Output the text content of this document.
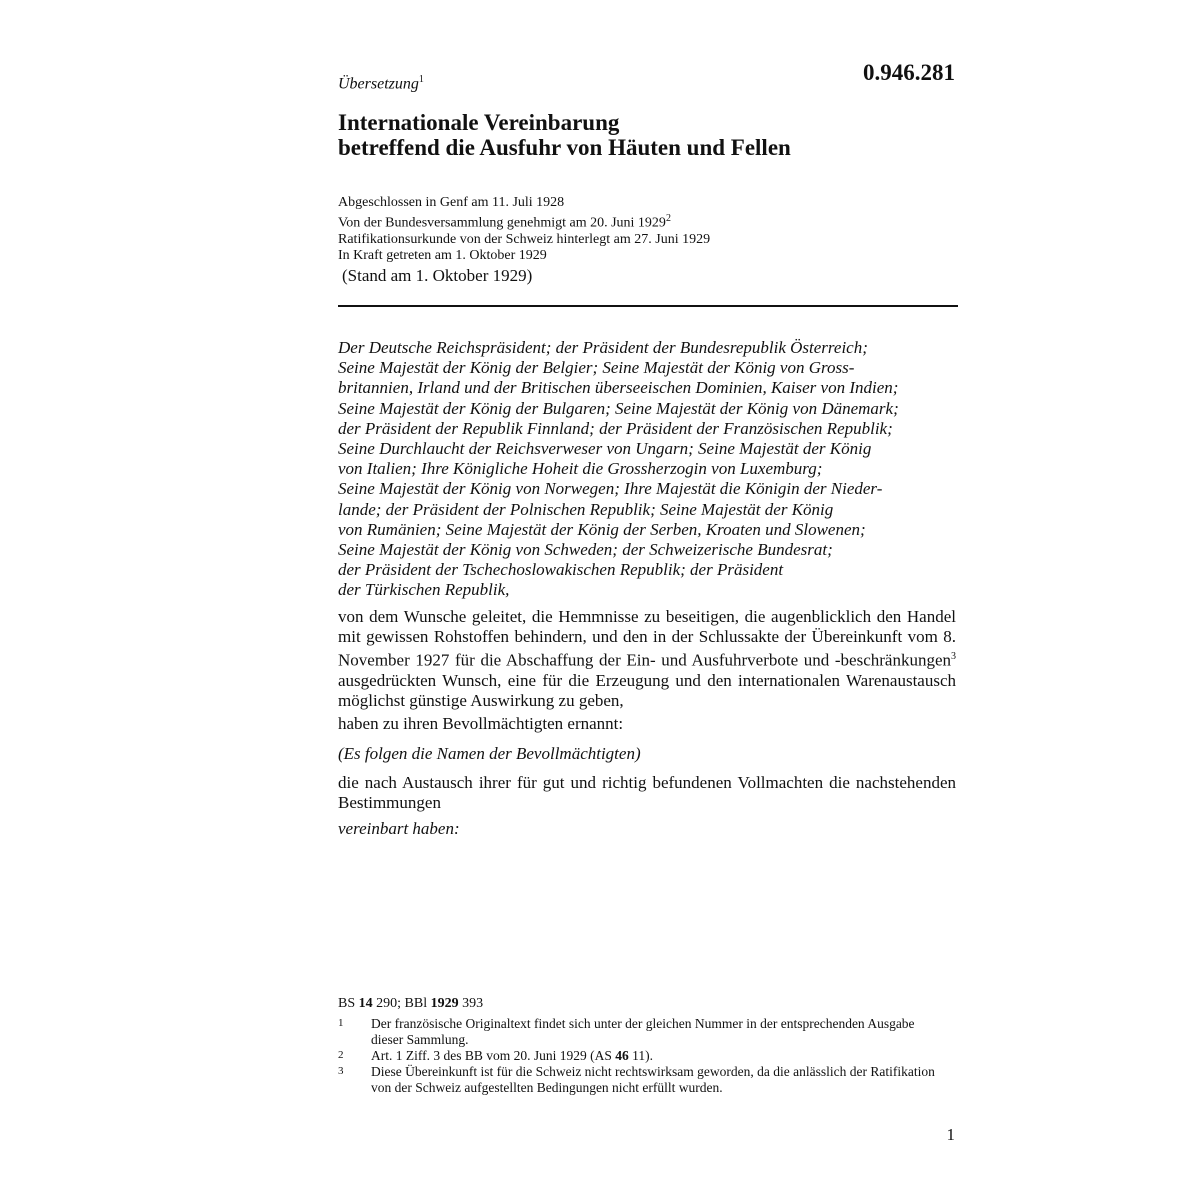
Übersetzung$^1$	0.946.281
Internationale Vereinbarung
betreffend die Ausfuhr von Häuten und Fellen
Abgeschlossen in Genf am 11. Juli 1928
Von der Bundesversammlung genehmigt am 20. Juni 1929$^2$
Ratifikationsurkunde von der Schweiz hinterlegt am 27. Juni 1929
In Kraft getreten am 1. Oktober 1929
(Stand am 1. Oktober 1929)
Der Deutsche Reichspräsident; der Präsident der Bundesrepublik Österreich;
Seine Majestät der König der Belgier; Seine Majestät der König von Gross-
britannien, Irland und der Britischen überseeischen Dominien, Kaiser von Indien;
Seine Majestät der König der Bulgaren; Seine Majestät der König von Dänemark;
der Präsident der Republik Finnland; der Präsident der Französischen Republik;
Seine Durchlaucht der Reichsverweser von Ungarn; Seine Majestät der König
von Italien; Ihre Königliche Hoheit die Grossherzogin von Luxemburg;
Seine Majestät der König von Norwegen; Ihre Majestät die Königin der Nieder-
lande; der Präsident der Polnischen Republik; Seine Majestät der König
von Rumänien; Seine Majestät der König der Serben, Kroaten und Slowenen;
Seine Majestät der König von Schweden; der Schweizerische Bundesrat;
der Präsident der Tschechoslowakischen Republik; der Präsident
der Türkischen Republik,
von dem Wunsche geleitet, die Hemmnisse zu beseitigen, die augenblicklich den Handel mit gewissen Rohstoffen behindern, und den in der Schlussakte der Übereinkunft vom 8. November 1927 für die Abschaffung der Ein- und Ausfuhrverbote und -beschränkungen$^3$ ausgedrückten Wunsch, eine für die Erzeugung und den internationalen Warenaustausch möglichst günstige Auswirkung zu geben,
haben zu ihren Bevollmächtigten ernannt:
(Es folgen die Namen der Bevollmächtigten)
die nach Austausch ihrer für gut und richtig befundenen Vollmachten die nachstehenden Bestimmungen
vereinbart haben:
BS 14 290; BBl 1929 393
1 Der französische Originaltext findet sich unter der gleichen Nummer in der entsprechenden Ausgabe dieser Sammlung.
2 Art. 1 Ziff. 3 des BB vom 20. Juni 1929 (AS 46 11).
3 Diese Übereinkunft ist für die Schweiz nicht rechtswirksam geworden, da die anlässlich der Ratifikation von der Schweiz aufgestellten Bedingungen nicht erfüllt wurden.
1
